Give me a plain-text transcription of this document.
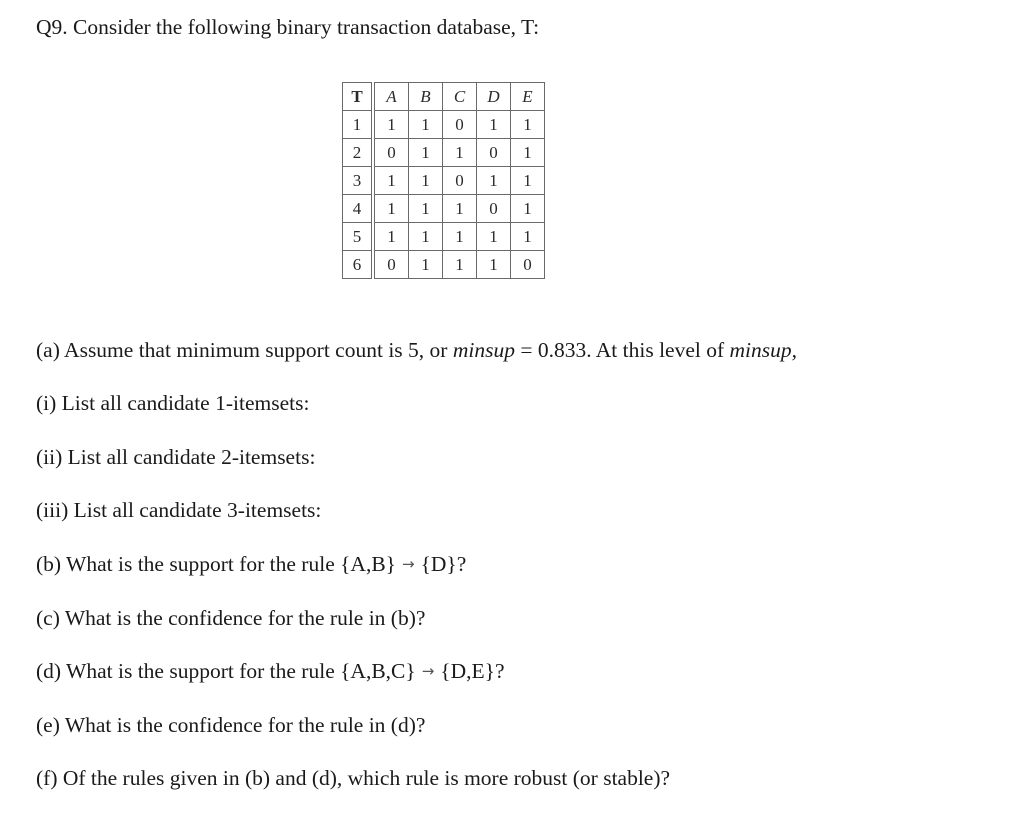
Q9. Consider the following binary transaction database, T:
T	A	B	C	D	E
1	1	1	0	1	1
2	0	1	1	0	1
3	1	1	0	1	1
4	1	1	1	0	1
5	1	1	1	1	1
6	0	1	1	1	0
(a) Assume that minimum support count is 5, or minsup = 0.833. At this level of minsup,
(i) List all candidate 1-itemsets:
(ii) List all candidate 2-itemsets:
(iii) List all candidate 3-itemsets:
(b) What is the support for the rule {A,B} → {D}?
(c) What is the confidence for the rule in (b)?
(d) What is the support for the rule {A,B,C} → {D,E}?
(e) What is the confidence for the rule in (d)?
(f) Of the rules given in (b) and (d), which rule is more robust (or stable)?
